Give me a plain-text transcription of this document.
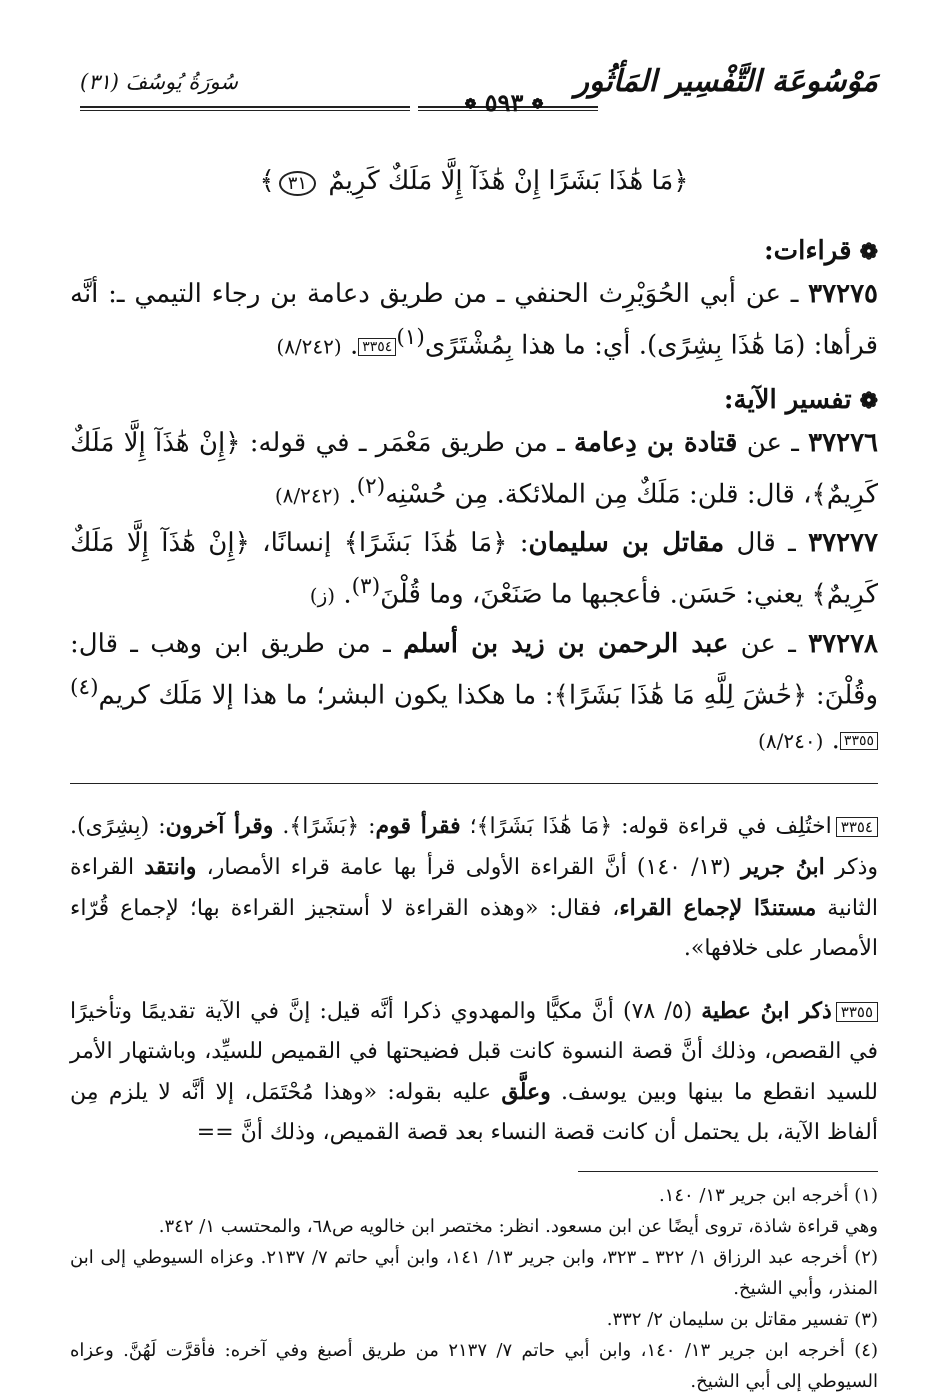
مَوْسُوعَة التَّفْسِير المَأثُور
❁ ٥٩٣ ❁
سُورَةُ يُوسُفَ (٣١)
﴿مَا هَٰذَا بَشَرًا إِنْ هَٰذَآ إِلَّا مَلَكٌ كَرِيمٌ ٣١﴾
❁قراءات:

٣٧٢٧٥ ـ عن أبي الحُوَيْرِث الحنفي ـ من طريق دعامة بن رجاء التيمي ـ: أنَّه قرأها: (مَا هَٰذَا بِشِرًى). أي: ما هذا بِمُشْتَرًى$^{(١)}$٣٣٥٤. (٨/٢٤٢)

❁تفسير الآية:

٣٧٢٧٦ ـ عن قتادة بن دِعامة ـ من طريق مَعْمَر ـ في قوله: ﴿إِنْ هَٰذَآ إِلَّا مَلَكٌ كَرِيمٌ﴾، قال: قلن: مَلَكٌ مِن الملائكة. مِن حُسْنِه$^{(٢)}$. (٨/٢٤٢)

٣٧٢٧٧ ـ قال مقاتل بن سليمان: ﴿مَا هَٰذَا بَشَرًا﴾ إنسانًا، ﴿إِنْ هَٰذَآ إِلَّا مَلَكٌ كَرِيمٌ﴾ يعني: حَسَن. فأعجبها ما صَنَعْنَ، وما قُلْنَ$^{(٣)}$. (ز)

٣٧٢٧٨ ـ عن عبد الرحمن بن زيد بن أسلم ـ من طريق ابن وهب ـ قال: وقُلْنَ: ﴿حَٰشَ لِلَّهِ مَا هَٰذَا بَشَرًا﴾: ما هكذا يكون البشر؛ ما هذا إلا مَلَك كريم$^{(٤)}$٣٣٥٥. (٨/٢٤٠)

٣٣٥٤اختُلِف في قراءة قوله: ﴿مَا هَٰذَا بَشَرًا﴾؛ فقرأ قوم: ﴿بَشَرًا﴾. وقرأ آخرون: (بِشِرًى). وذكر ابنُ جرير (١٣/ ١٤٠) أنَّ القراءة الأولى قرأ بها عامة قراء الأمصار، وانتقد القراءة الثانية مستندًا لإجماع القراء، فقال: «وهذه القراءة لا أستجيز القراءة بها؛ لإجماع قُرّاء الأمصار على خلافها».

٣٣٥٥ذكر ابنُ عطية (٥/ ٧٨) أنَّ مكيًّا والمهدوي ذكرا أنَّه قيل: إنَّ في الآية تقديمًا وتأخيرًا في القصص، وذلك أنَّ قصة النسوة كانت قبل فضيحتها في القميص للسيِّد، وباشتهار الأمر للسيد انقطع ما بينها وبين يوسف. وعلَّق عليه بقوله: «وهذا مُحْتَمَل، إلا أنَّه لا يلزم مِن ألفاظ الآية، بل يحتمل أن كانت قصة النساء بعد قصة القميص، وذلك أنَّ ==

(١) أخرجه ابن جرير ١٣/ ١٤٠.
وهي قراءة شاذة، تروى أيضًا عن ابن مسعود. انظر: مختصر ابن خالويه ص٦٨، والمحتسب ١/ ٣٤٢.
(٢) أخرجه عبد الرزاق ١/ ٣٢٢ ـ ٣٢٣، وابن جرير ١٣/ ١٤١، وابن أبي حاتم ٧/ ٢١٣٧. وعزاه السيوطي إلى ابن المنذر، وأبي الشيخ.
(٣) تفسير مقاتل بن سليمان ٢/ ٣٣٢.
(٤) أخرجه ابن جرير ١٣/ ١٤٠، وابن أبي حاتم ٧/ ٢١٣٧ من طريق أصبغ وفي آخره: فأقرَّت لَهُنَّ. وعزاه السيوطي إلى أبي الشيخ.
